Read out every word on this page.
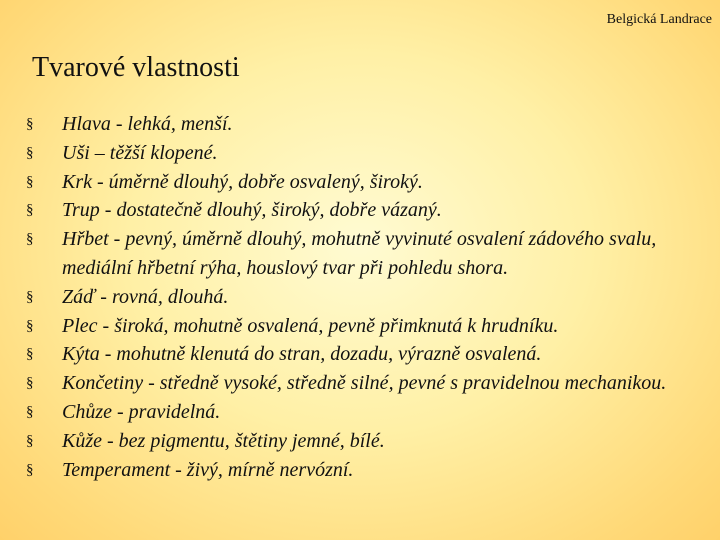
Belgická Landrace
Tvarové vlastnosti
§	Hlava - lehká, menší.
§	Uši – těžší klopené.
§	Krk - úměrně dlouhý, dobře osvalený, široký.
§	Trup - dostatečně dlouhý, široký, dobře vázaný.
§	Hřbet - pevný, úměrně dlouhý, mohutně vyvinuté osvalení zádového svalu, mediální hřbetní rýha, houslový tvar při pohledu shora.
§	Záď - rovná, dlouhá.
§	Plec - široká, mohutně osvalená, pevně přimknutá k hrudníku.
§	Kýta - mohutně klenutá do stran, dozadu, výrazně osvalená.
§	Končetiny - středně vysoké, středně silné, pevné s pravidelnou mechanikou.
§	Chůze - pravidelná.
§	Kůže - bez pigmentu, štětiny jemné, bílé.
§	Temperament - živý, mírně nervózní.
